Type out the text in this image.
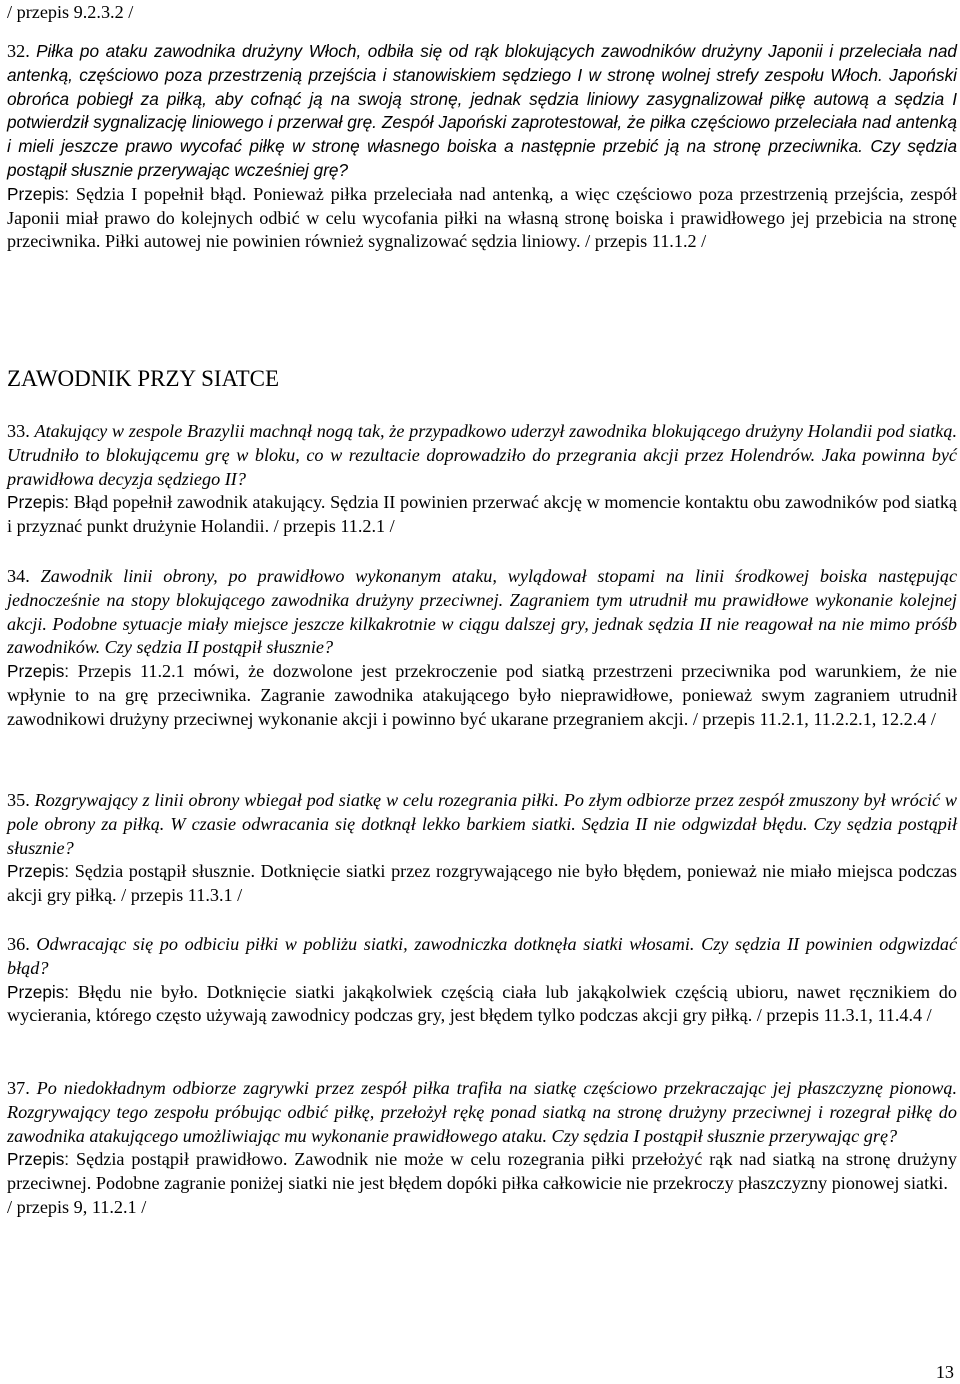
/ przepis 9.2.3.2 /

32. Piłka po ataku zawodnika drużyny Włoch, odbiła się od rąk blokujących zawodników drużyny Japonii i przeleciała nad antenką, częściowo poza przestrzenią przejścia i stanowiskiem sędziego I w stronę wolnej strefy zespołu Włoch. Japoński obrońca pobiegł za piłką, aby cofnąć ją na swoją stronę, jednak sędzia liniowy zasygnalizował piłkę autową a sędzia I potwierdził sygnalizację liniowego i przerwał grę. Zespół Japoński zaprotestował, że piłka częściowo przeleciała nad antenką i mieli jeszcze prawo wycofać piłkę w stronę własnego boiska a następnie przebić ją na stronę przeciwnika. Czy sędzia postąpił słusznie przerywając wcześniej grę?

Przepis: Sędzia I popełnił błąd. Ponieważ piłka przeleciała nad antenką, a więc częściowo poza przestrzenią przejścia, zespół Japonii miał prawo do kolejnych odbić w celu wycofania piłki na własną stronę boiska i prawidłowego jej przebicia na stronę przeciwnika. Piłki autowej nie powinien również sygnalizować sędzia liniowy. / przepis 11.1.2 /

ZAWODNIK PRZY SIATCE

33. Atakujący w zespole Brazylii machnął nogą tak, że przypadkowo uderzył zawodnika blokującego drużyny Holandii pod siatką. Utrudniło to blokującemu grę w bloku, co w rezultacie doprowadziło do przegrania akcji przez Holendrów. Jaka powinna być prawidłowa decyzja sędziego II?

Przepis: Błąd popełnił zawodnik atakujący. Sędzia II powinien przerwać akcję w momencie kontaktu obu zawodników pod siatką i przyznać punkt drużynie Holandii. / przepis 11.2.1 /

34. Zawodnik linii obrony, po prawidłowo wykonanym ataku, wylądował stopami na linii środkowej boiska następując jednocześnie na stopy blokującego zawodnika drużyny przeciwnej. Zagraniem tym utrudnił mu prawidłowe wykonanie kolejnej akcji. Podobne sytuacje miały miejsce jeszcze kilkakrotnie w ciągu dalszej gry, jednak sędzia II nie reagował na nie mimo próśb zawodników. Czy sędzia II postąpił słusznie?

Przepis: Przepis 11.2.1 mówi, że dozwolone jest przekroczenie pod siatką przestrzeni przeciwnika pod warunkiem, że nie wpłynie to na grę przeciwnika. Zagranie zawodnika atakującego było nieprawidłowe, ponieważ swym zagraniem utrudnił zawodnikowi drużyny przeciwnej wykonanie akcji i powinno być ukarane przegraniem akcji. / przepis 11.2.1, 11.2.2.1, 12.2.4 /

35. Rozgrywający z linii obrony wbiegał pod siatkę w celu rozegrania piłki. Po złym odbiorze przez zespół zmuszony był wrócić w pole obrony za piłką. W czasie odwracania się dotknął lekko barkiem siatki. Sędzia II nie odgwizdał błędu. Czy sędzia postąpił słusznie?

Przepis: Sędzia postąpił słusznie. Dotknięcie siatki przez rozgrywającego nie było błędem, ponieważ nie miało miejsca podczas akcji gry piłką. / przepis 11.3.1 /

36. Odwracając się po odbiciu piłki w pobliżu siatki, zawodniczka dotknęła siatki włosami. Czy sędzia II powinien odgwizdać błąd?

Przepis: Błędu nie było. Dotknięcie siatki jakąkolwiek częścią ciała lub jakąkolwiek częścią ubioru, nawet ręcznikiem do wycierania, którego często używają zawodnicy podczas gry, jest błędem tylko podczas akcji gry piłką. / przepis 11.3.1, 11.4.4 /

37. Po niedokładnym odbiorze zagrywki przez zespół piłka trafiła na siatkę częściowo przekraczając jej płaszczyznę pionową. Rozgrywający tego zespołu próbując odbić piłkę, przełożył rękę ponad siatką na stronę drużyny przeciwnej i rozegrał piłkę do zawodnika atakującego umożliwiając mu wykonanie prawidłowego ataku. Czy sędzia I postąpił słusznie przerywając grę?

Przepis: Sędzia postąpił prawidłowo. Zawodnik nie może w celu rozegrania piłki przełożyć rąk nad siatką na stronę drużyny przeciwnej. Podobne zagranie poniżej siatki nie jest błędem dopóki piłka całkowicie nie przekroczy płaszczyzny pionowej siatki.

/ przepis 9, 11.2.1 /

13
